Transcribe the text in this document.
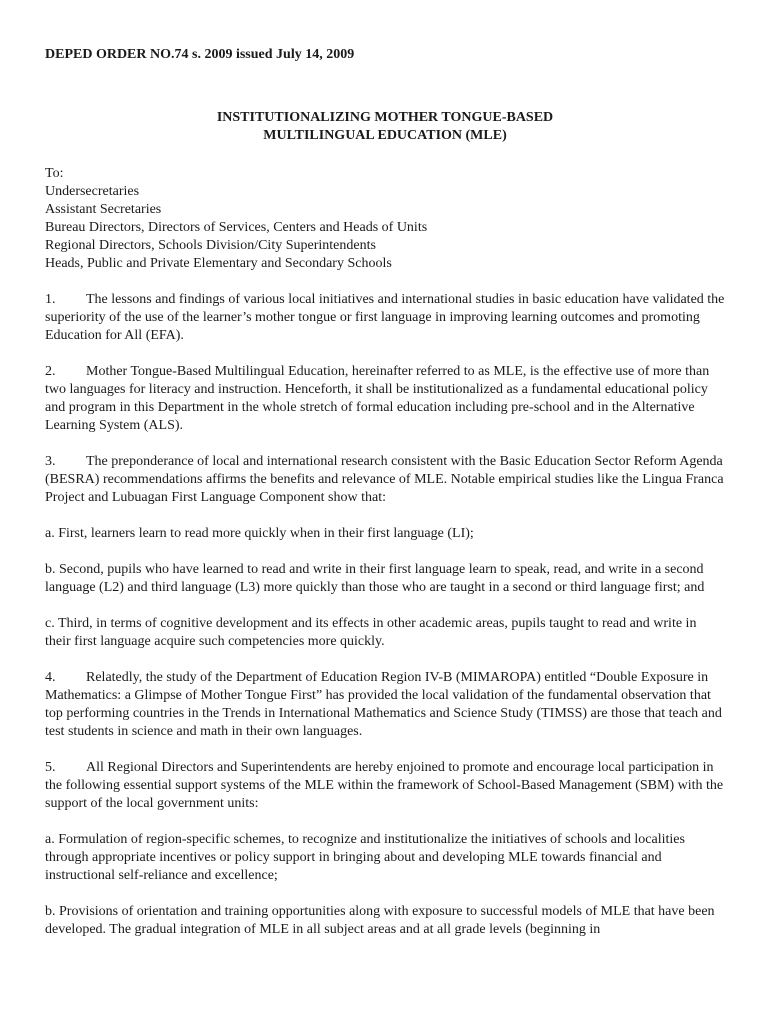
DEPED ORDER NO.74 s. 2009 issued July 14, 2009
INSTITUTIONALIZING MOTHER TONGUE-BASED
MULTILINGUAL EDUCATION (MLE)
To:
Undersecretaries
Assistant Secretaries
Bureau Directors, Directors of Services, Centers and Heads of Units
Regional Directors, Schools Division/City Superintendents
Heads, Public and Private Elementary and Secondary Schools
1. The lessons and findings of various local initiatives and international studies in basic education have validated the superiority of the use of the learner’s mother tongue or first language in improving learning outcomes and promoting Education for All (EFA).
2. Mother Tongue-Based Multilingual Education, hereinafter referred to as MLE, is the effective use of more than two languages for literacy and instruction. Henceforth, it shall be institutionalized as a fundamental educational policy and program in this Department in the whole stretch of formal education including pre-school and in the Alternative Learning System (ALS).
3. The preponderance of local and international research consistent with the Basic Education Sector Reform Agenda (BESRA) recommendations affirms the benefits and relevance of MLE. Notable empirical studies like the Lingua Franca Project and Lubuagan First Language Component show that:
a. First, learners learn to read more quickly when in their first language (LI);
b. Second, pupils who have learned to read and write in their first language learn to speak, read, and write in a second language (L2) and third language (L3) more quickly than those who are taught in a second or third language first; and
c. Third, in terms of cognitive development and its effects in other academic areas, pupils taught to read and write in their first language acquire such competencies more quickly.
4. Relatedly, the study of the Department of Education Region IV-B (MIMAROPA) entitled “Double Exposure in Mathematics: a Glimpse of Mother Tongue First” has provided the local validation of the fundamental observation that top performing countries in the Trends in International Mathematics and Science Study (TIMSS) are those that teach and test students in science and math in their own languages.
5. All Regional Directors and Superintendents are hereby enjoined to promote and encourage local participation in the following essential support systems of the MLE within the framework of School-Based Management (SBM) with the support of the local government units:
a. Formulation of region-specific schemes, to recognize and institutionalize the initiatives of schools and localities through appropriate incentives or policy support in bringing about and developing MLE towards financial and instructional self-reliance and excellence;
b. Provisions of orientation and training opportunities along with exposure to successful models of MLE that have been developed. The gradual integration of MLE in all subject areas and at all grade levels (beginning in
